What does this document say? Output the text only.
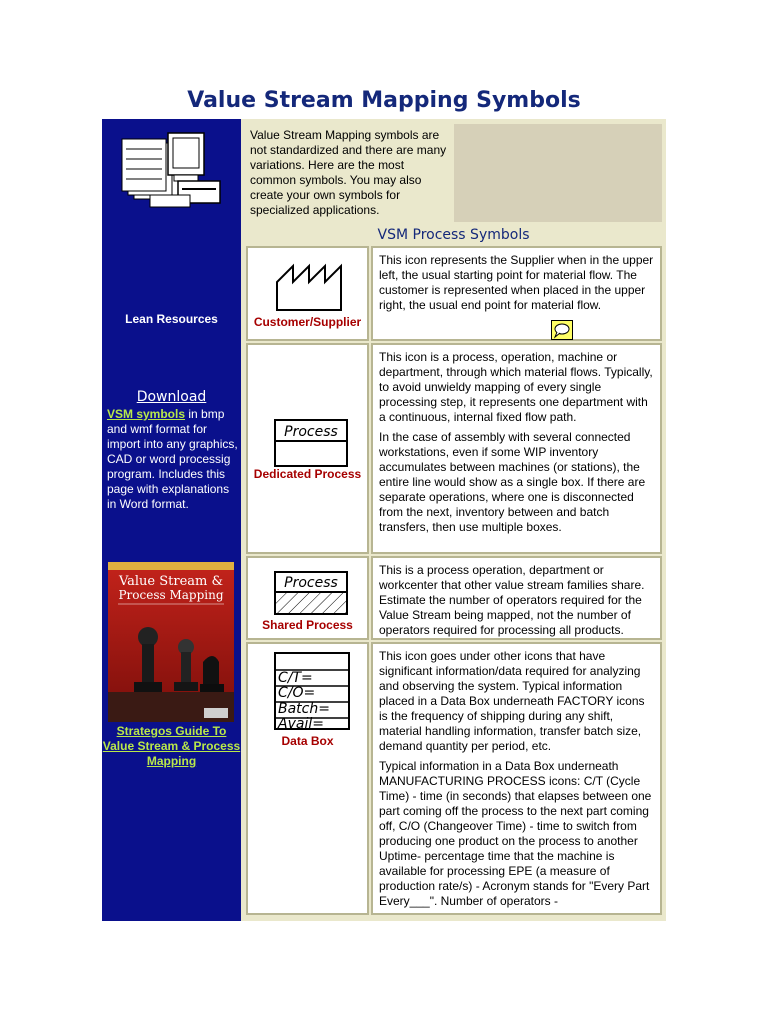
Value Stream Mapping Symbols
Lean Resources
Download
VSM symbols in bmp and wmf format for import into any graphics, CAD or word processig program. Includes this page with explanations in Word format.
Value Stream &
Process Mapping
Strategos Guide To Value Stream & Process Mapping
Value Stream Mapping symbols are not standardized and there are many variations. Here are the most common symbols. You may also create your own symbols for specialized applications.
VSM Process Symbols
Customer/Supplier

This icon represents the Supplier when in the upper left, the usual starting point for material flow. The customer is represented when placed in the upper right, the usual end point for material flow.

Process
Dedicated Process

This icon is a process, operation, machine or department, through which material flows. Typically, to avoid unwieldy mapping of every single processing step, it represents one department with a continuous, internal fixed flow path.

In the case of assembly with several connected workstations, even if some WIP inventory accumulates between machines (or stations), the entire line would show as a single box. If there are separate operations, where one is disconnected from the next, inventory between and batch transfers, then use multiple boxes.

Process
Shared Process

This is a process operation, department or workcenter that other value stream families share. Estimate the number of operators required for the Value Stream being mapped, not the number of operators required for processing all products.

C/T=
C/O=
Batch=
Avail=
Data Box

This icon goes under other icons that have significant information/data required for analyzing and observing the system. Typical information placed in a Data Box underneath FACTORY icons is the frequency of shipping during any shift, material handling information, transfer batch size, demand quantity per period, etc.

Typical information in a Data Box underneath MANUFACTURING PROCESS icons: C/T (Cycle Time) - time (in seconds) that elapses between one part coming off the process to the next part coming off, C/O (Changeover Time) - time to switch from producing one product on the process to another Uptime- percentage time that the machine is available for processing EPE (a measure of production rate/s) - Acronym stands for "Every Part Every___". Number of operators -
